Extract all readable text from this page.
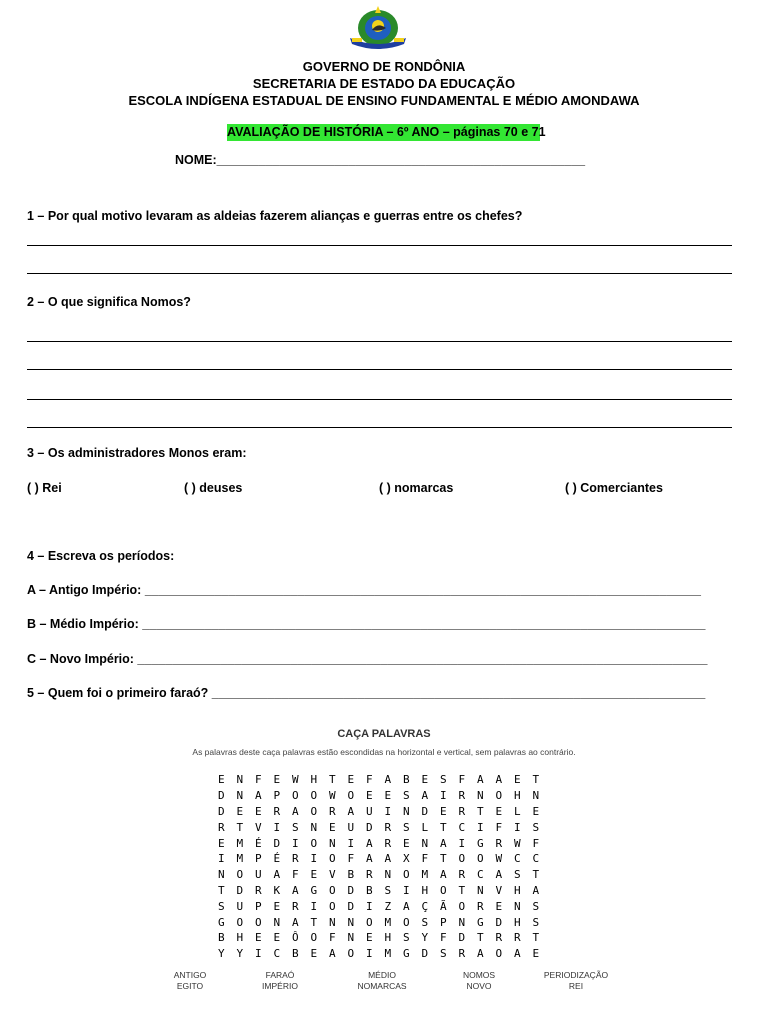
GOVERNO DE RONDÔNIA
SECRETARIA DE ESTADO DA EDUCAÇÃO
ESCOLA INDÍGENA ESTADUAL DE ENSINO FUNDAMENTAL E MÉDIO AMONDAWA
AVALIAÇÃO DE HISTÓRIA – 6º ANO – páginas 70 e 71
NOME:_____________________________________________________
1 – Por qual motivo levaram as aldeias fazerem alianças e guerras entre os chefes?
2 – O que significa Nomos?
3 – Os administradores Monos eram:
( ) Rei	( ) deuses	( ) nomarcas	( ) Comerciantes
4 – Escreva os períodos:
A – Antigo Império: ________________________________________________________________________________
B – Médio Império: _________________________________________________________________________________
C – Novo Império: __________________________________________________________________________________
5 – Quem foi o primeiro faraó? _______________________________________________________________________
CAÇA PALAVRAS
As palavras deste caça palavras estão escondidas na horizontal e vertical, sem palavras ao contrário.
E	N	F	E	W	H	T	E	F	A	B	E	S	F	A	A	E	T
D	N	A	P	O	O	W	O	E	E	S	A	I	R	N	O	H	N
D	E	E	R	A	O	R	A	U	I	N	D	E	R	T	E	L	E
R	T	V	I	S	N	E	U	D	R	S	L	T	C	I	F	I	S
E	M	É	D	I	O	N	I	A	R	E	N	A	I	G	R	W	F
I	M	P	É	R	I	O	F	A	A	X	F	T	O	O	W	C	C
N	O	U	A	F	E	V	B	R	N	O	M	A	R	C	A	S	T
T	D	R	K	A	G	O	D	B	S	I	H	O	T	N	V	H	A
S	U	P	E	R	I	O	D	I	Z	A	Ç	Ã	O	R	E	N	S
G	O	O	N	A	T	N	N	O	M	O	S	P	N	G	D	H	S
B	H	E	E	Ô	O	F	N	E	H	S	Y	F	D	T	R	R	T
Y	Y	I	C	B	E	A	O	I	M	G	D	S	R	A	O	A	E
ANTIGO
EGITO
FARAÓ
IMPÉRIO
MÉDIO
NOMARCAS
NOMOS
NOVO
PERIODIZAÇÃO
REI
